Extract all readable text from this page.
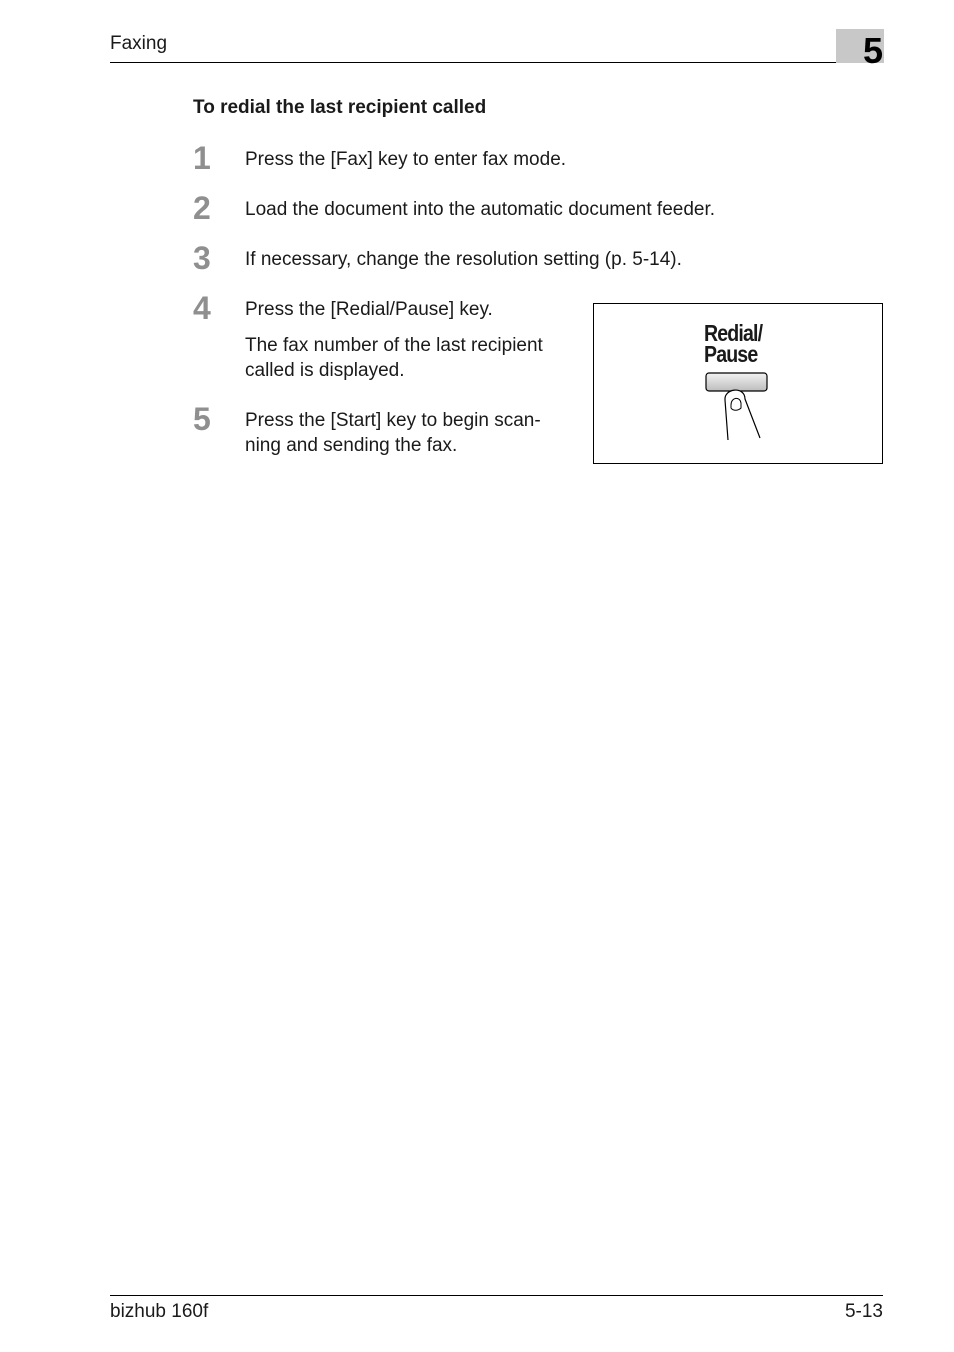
Faxing	5
To redial the last recipient called
1 Press the [Fax] key to enter fax mode.
2 Load the document into the automatic document feeder.
3 If necessary, change the resolution setting (p. 5-14).
4 Press the [Redial/Pause] key.
The fax number of the last recipient
called is displayed.
5 Press the [Start] key to begin scan-
ning and sending the fax.
Redial/
Pause
bizhub 160f	5-13
